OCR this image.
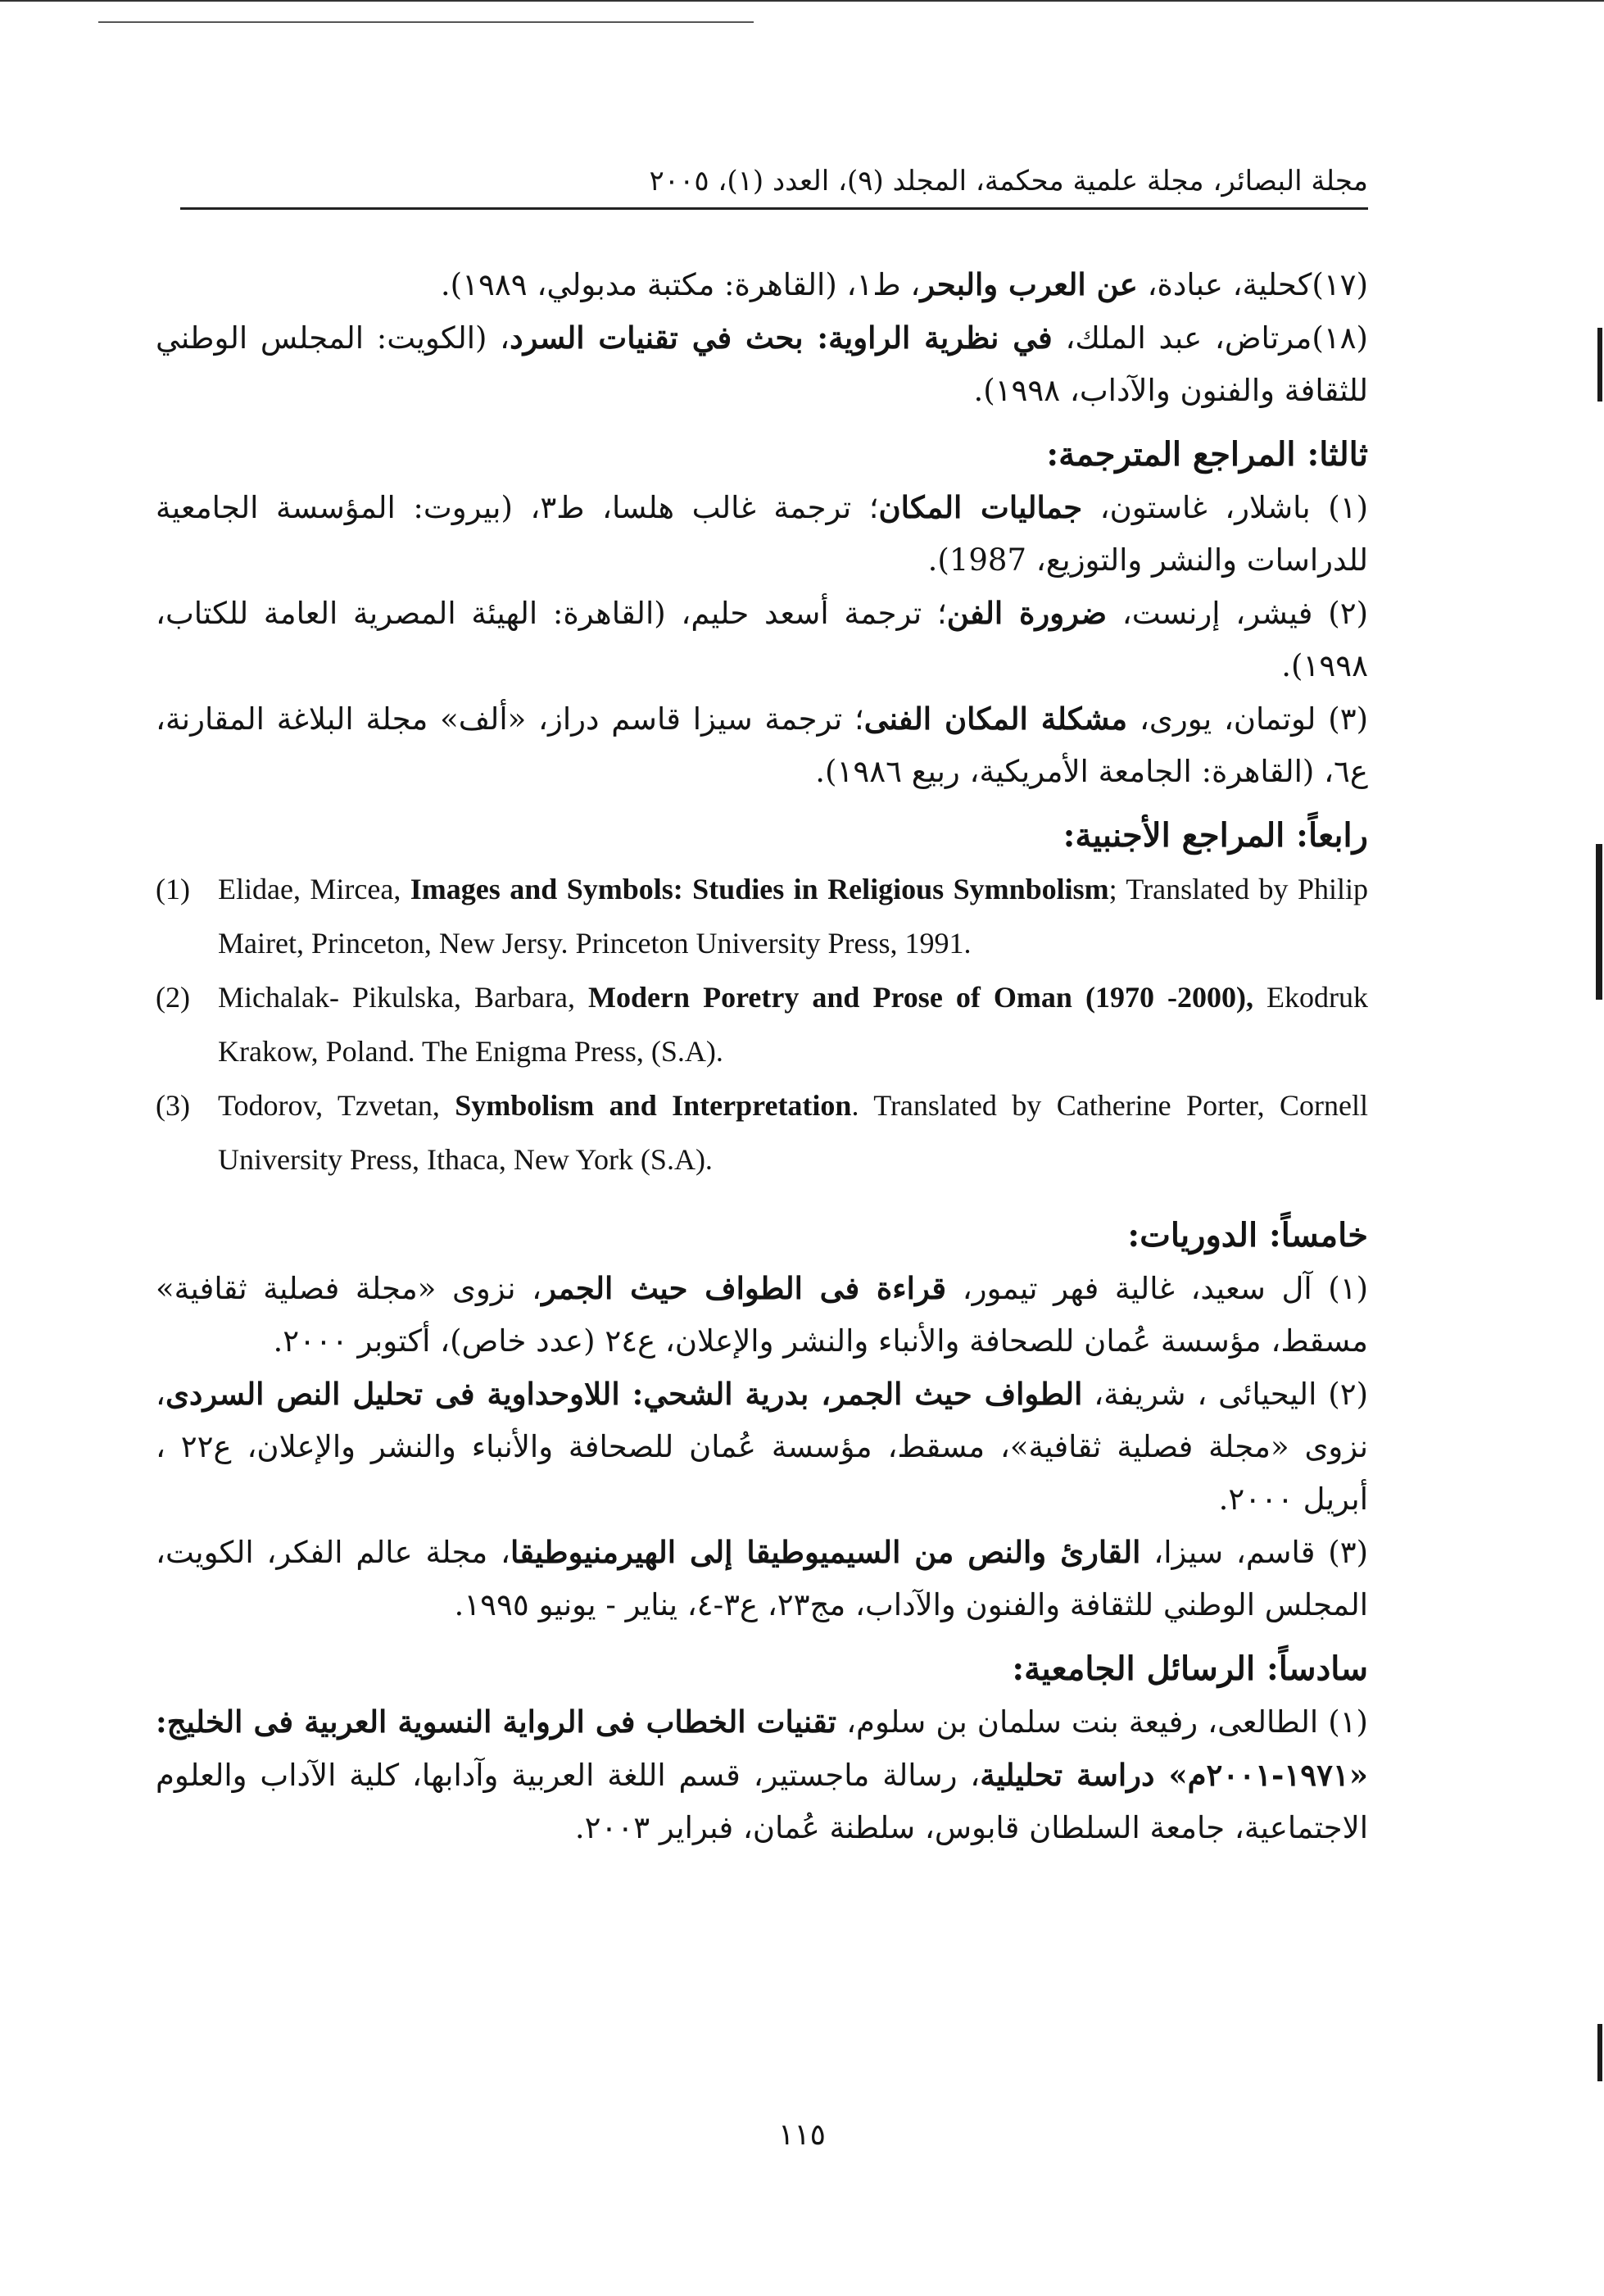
مجلة البصائر، مجلة علمية محكمة، المجلد (٩)، العدد (١)، ٢٠٠٥
(١٧)كحلية، عبادة، عن العرب والبحر، ط١، (القاهرة: مكتبة مدبولي، ١٩٨٩).
(١٨)مرتاض، عبد الملك، في نظرية الراوية: بحث في تقنيات السرد، (الكويت: المجلس الوطني للثقافة والفنون والآداب، ١٩٩٨).
ثالثا: المراجع المترجمة:
(١) باشلار، غاستون، جماليات المكان؛ ترجمة غالب هلسا، ط٣، (بيروت: المؤسسة الجامعية للدراسات والنشر والتوزيع، 1987).
(٢) فيشر، إرنست، ضرورة الفن؛ ترجمة أسعد حليم، (القاهرة: الهيئة المصرية العامة للكتاب، ١٩٩٨).
(٣) لوتمان، يورى، مشكلة المكان الفنى؛ ترجمة سيزا قاسم دراز، «ألف» مجلة البلاغة المقارنة، ع٦، (القاهرة: الجامعة الأمريكية، ربيع ١٩٨٦).
رابعاً: المراجع الأجنبية:
(1) Elidae, Mircea, Images and Symbols: Studies in Religious Symnbolism; Translated by Philip Mairet, Princeton, New Jersy. Princeton University Press, 1991.
(2) Michalak- Pikulska, Barbara, Modern Poretry and Prose of Oman (1970 -2000), Ekodruk Krakow, Poland. The Enigma Press, (S.A).
(3) Todorov, Tzvetan, Symbolism and Interpretation. Translated by Catherine Porter, Cornell University Press, Ithaca, New York (S.A).
خامساً: الدوريات:
(١) آل سعيد، غالية فهر تيمور، قراءة فى الطواف حيث الجمر، نزوى «مجلة فصلية ثقافية» مسقط، مؤسسة عُمان للصحافة والأنباء والنشر والإعلان، ع٢٤ (عدد خاص)، أكتوبر ٢٠٠٠.
(٢) اليحيائى ، شريفة، الطواف حيث الجمر، بدرية الشحي: اللاوحداوية فى تحليل النص السردى، نزوى «مجلة فصلية ثقافية»، مسقط، مؤسسة عُمان للصحافة والأنباء والنشر والإعلان، ع٢٢ ، أبريل ٢٠٠٠.
(٣) قاسم، سيزا، القارئ والنص من السيميوطيقا إلى الهيرمنيوطيقا، مجلة عالم الفكر، الكويت، المجلس الوطني للثقافة والفنون والآداب، مج٢٣، ع٣-٤، يناير - يونيو ١٩٩٥.
سادساً: الرسائل الجامعية:
(١) الطالعى، رفيعة بنت سلمان بن سلوم، تقنيات الخطاب فى الرواية النسوية العربية فى الخليج: «١٩٧١-٢٠٠١م» دراسة تحليلية، رسالة ماجستير، قسم اللغة العربية وآدابها، كلية الآداب والعلوم الاجتماعية، جامعة السلطان قابوس، سلطنة عُمان، فبراير ٢٠٠٣.
١١٥
